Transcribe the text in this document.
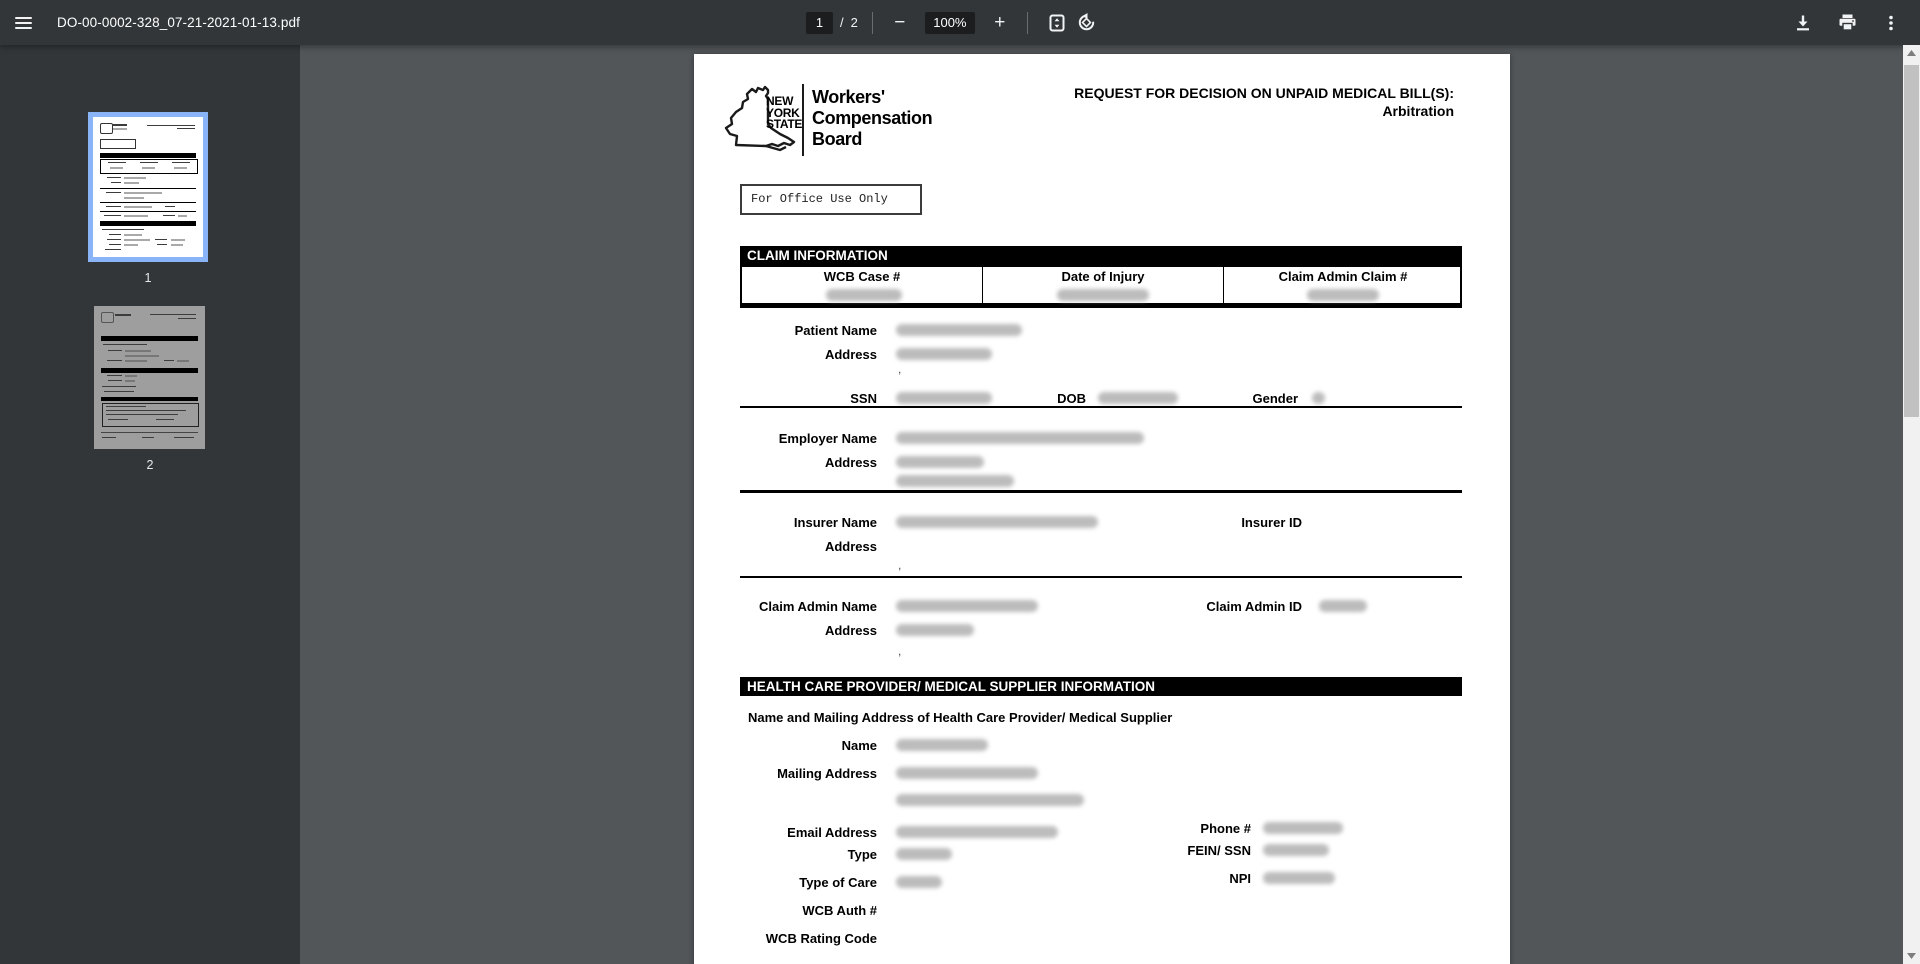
DO-00-0002-328_07-21-2021-01-13.pdf	1	/ 2	−	100%	+
1
2
NEW
YORK
STATE
Workers'
Compensation
Board
REQUEST FOR DECISION ON UNPAID MEDICAL BILL(S):
Arbitration
For Office Use Only
CLAIM INFORMATION
WCB Case #	Date of Injury	Claim Admin Claim #
Patient Name
Address
,
SSN	DOB	Gender
Employer Name
Address
Insurer Name	Insurer ID
Address
,
Claim Admin Name	Claim Admin ID
Address
,
HEALTH CARE PROVIDER/ MEDICAL SUPPLIER INFORMATION
Name and Mailing Address of Health Care Provider/ Medical Supplier
Name
Mailing Address
Email Address	Phone #
Type	FEIN/ SSN
Type of Care	NPI
WCB Auth #
WCB Rating Code
